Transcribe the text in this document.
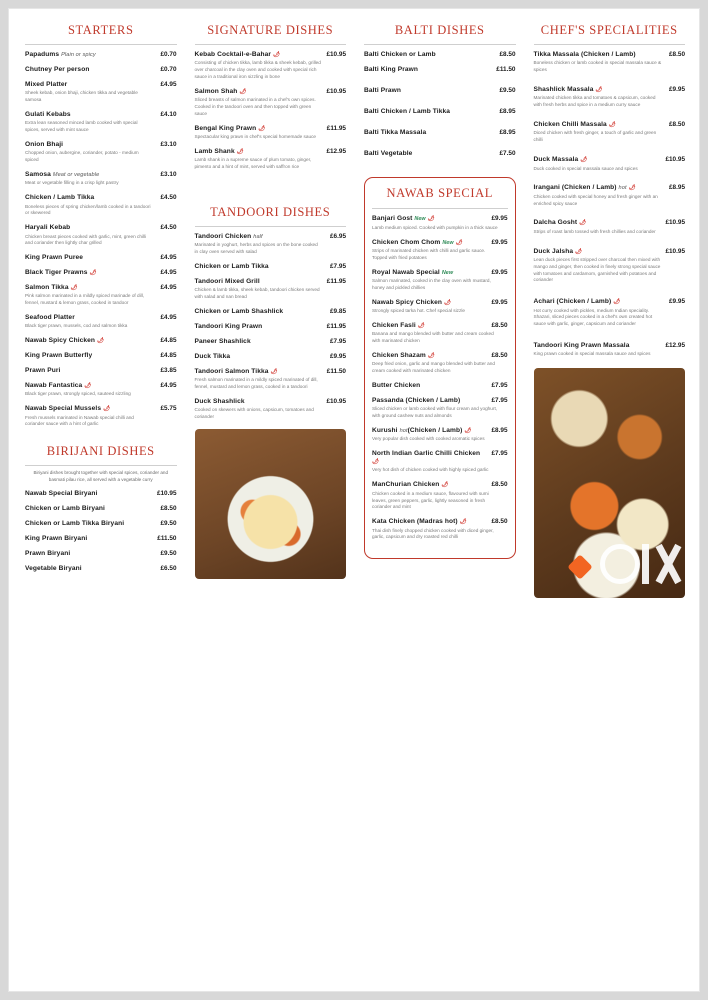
STARTERS
Papadums Plain or spicy	£0.70
Chutney Per person	£0.70
Mixed Platter	£4.95
Sheek kebab, onion bhaji, chicken tikka and vegetable samosa
Gulati Kebabs	£4.10
Extra lean seasoned minced lamb cooked with special spices, served with mint sauce
Onion Bhaji	£3.10
Chopped onion, aubergine, coriander, potato - medium spiced
Samosa Meat or vegetable	£3.10
Meat or vegetable filling in a crisp light pastry
Chicken / Lamb Tikka	£4.50
Boneless pieces of spring chicken/lamb cooked in a tandoori or skewered
Haryali Kebab	£4.50
Chicken breast pieces cooked with garlic, mint, green chilli and coriander then lightly char grilled
King Prawn Puree	£4.95
Black Tiger Prawns 🌶	£4.95
Salmon Tikka 🌶	£4.95
Pink salmon marinated in a mildly spiced marinade of dill, fennel, mustard & lemon grass, cooked in tandoor
Seafood Platter	£4.95
Black tiger prawn, mussels, cod and salmon tikka
Nawab Spicy Chicken 🌶	£4.85
King Prawn Butterfly	£4.85
Prawn Puri	£3.85
Nawab Fantastica 🌶	£4.95
Black tiger prawn, strongly spiced, sauteed sizzling
Nawab Special Mussels 🌶	£5.75
Fresh mussels marinated in Nawab special chilli and coriander sauce with a hint of garlic
BIRIJANI DISHES
Biriyani dishes brought together with special spices, coriander and basmati pilau rice, all served with a vegetable curry
Nawab Special Biryani	£10.95
Chicken or Lamb Biryani	£8.50
Chicken or Lamb Tikka Biryani	£9.50
King Prawn Biryani	£11.50
Prawn Biryani	£9.50
Vegetable Biryani	£6.50
SIGNATURE DISHES
Kebab Cocktail-e-Bahar 🌶	£10.95
Consisting of chicken tikka, lamb tikka & sheek kebab, grilled over charcoal in the clay oven and cooked with special rich sauce in a traditional iron sizzling in bone
Salmon Shah 🌶	£10.95
Sliced breasts of salmon marinated in a chef's own spices. Cooked in the tandoori oven and then topped with green sauce
Bengal King Prawn 🌶	£11.95
Spectacular king prawn in chef's special homemade sauce
Lamb Shank 🌶	£12.95
Lamb shank in a supreme sauce of plum tomato, ginger, pimento and a hint of mint, served with saffron rice
TANDOORI DISHES
Tandoori Chicken half	£6.95
Marinated in yoghurt, herbs and spices on the bone cooked in clay oven served with salad
Chicken or Lamb Tikka	£7.95
Tandoori Mixed Grill	£11.95
Chicken & lamb tikka, sheek kebab, tandoori chicken served with salad and nan bread
Chicken or Lamb Shashlick	£9.85
Tandoori King Prawn	£11.95
Paneer Shashlick	£7.95
Duck Tikka	£9.95
Tandoori Salmon Tikka 🌶	£11.50
Fresh salmon marinated in a mildly spiced marinated of dill, fennel, mustard and lemon grass, cooked in a tandoori
Duck Shashlick	£10.95
Cooked on skewers with onions, capsicum, tomatoes and coriander
BALTI DISHES
Balti Chicken or Lamb	£8.50
Balti King Prawn	£11.50
Balti Prawn	£9.50
Balti Chicken / Lamb Tikka	£8.95
Balti Tikka Massala	£8.95
Balti Vegetable	£7.50
NAWAB SPECIAL
Banjari Gost New 🌶	£9.95
Lamb medium spiced. Cooked with pumpkin in a thick sauce
Chicken Chom Chom New 🌶	£9.95
Strips of marinated chicken with chilli and garlic sauce. Topped with fried potatoes
Royal Nawab Special New	£9.95
Salmon marinated, cooked in the clay oven with mustard, honey and pickled chillies
Nawab Spicy Chicken 🌶	£9.95
Strongly spiced tarka hot. Chef special sizzle
Chicken Fasli 🌶	£8.50
Banana and mango blended with butter and cream cooked with marinated chicken
Chicken Shazam 🌶	£8.50
Deep fried onion, garlic and mango blended with butter and cream cooked with marinated chicken
Butter Chicken	£7.95
Passanda (Chicken / Lamb)	£7.95
Sliced chicken or lamb cooked with flour cream and yoghurt, with ground cashew nuts and almonds
Kurushi hot(Chicken / Lamb) 🌶	£8.95
Very popular dish cooked with cooked aromatic spices
North Indian Garlic Chilli Chicken 🌶
£7.95
Very hot dish of chicken cooked with highly spiced garlic
ManChurian Chicken 🌶	£8.50
Chicken cooked in a medium sauce, flavoured with sumi leaves, green peppers, garlic, lightly seasoned in fresh coriander and mint
Kata Chicken (Madras hot) 🌶	£8.50
Thai dish finely chopped chicken cooked with diced ginger, garlic, capsicum and dry roasted red chilli
CHEF'S SPECIALITIES
Tikka Massala (Chicken / Lamb)	£8.50
Boneless chicken or lamb cooked in special massala sauce & spices
Shashlick Massala 🌶	£9.95
Marinated chicken tikka and tomatoes & capsicum, cooked with fresh herbs and spice in a medium curry sauce
Chicken Chilli Massala 🌶	£8.50
Diced chicken with fresh ginger, a touch of garlic and green chilli
Duck Massala 🌶	£10.95
Duck cooked in special massala sauce and spices
Irangani (Chicken / Lamb) hot 🌶	£8.95
Chicken cooked with special honey and fresh ginger with an enriched spicy sauce
Dalcha Gosht 🌶	£10.95
Strips of roast lamb tossed with fresh chillies and coriander
Duck Jalsha 🌶	£10.95
Lean duck pieces first stripped over charcoal then mixed with mango and ginger, then cooked in finely strong special sauce with tomatoes and cardamom, garnished with potatoes and coriander
Achari (Chicken / Lamb) 🌶	£9.95
Hot curry cooked with pickles, medium Indian speciality. Shazari, sliced pieces cooked in a chef's own created hot sauce with garlic, ginger, capsicum and coriander
Tandoori King Prawn Massala	£12.95
King prawn cooked in special massala sauce and spices
